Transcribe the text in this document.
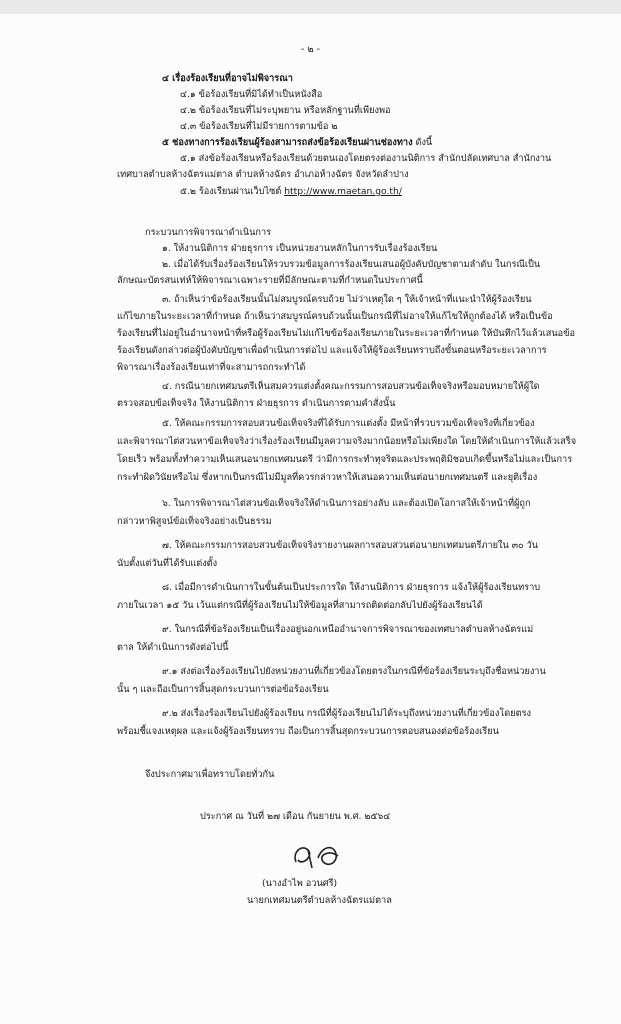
- ๒ -
๔ เรื่องร้องเรียนที่อาจไม่พิจารณา
๔.๑ ข้อร้องเรียนที่มิได้ทำเป็นหนังสือ
๔.๒ ข้อร้องเรียนที่ไม่ระบุพยาน หรือหลักฐานที่เพียงพอ
๔.๓ ข้อร้องเรียนที่ไม่มีรายการตามข้อ ๒
๕ ช่องทางการร้องเรียนผู้ร้องสามารถส่งข้อร้องเรียนผ่านช่องทาง ดังนี้
๕.๑ ส่งข้อร้องเรียนหรือร้องเรียนด้วยตนเองโดยตรงต่องานนิติการ สำนักปลัดเทศบาล สำนักงาน
เทศบาลตำบลห้างฉัตรแม่ตาล ตำบลห้างฉัตร อำเภอห้างฉัตร จังหวัดลำปาง
๕.๒ ร้องเรียนผ่านเว็บไซต์ http://www.maetan.go.th/
กระบวนการพิจารณาดำเนินการ
๑. ให้งานนิติการ ฝ่ายธุรการ เป็นหน่วยงานหลักในการรับเรื่องร้องเรียน
๒. เมื่อได้รับเรื่องร้องเรียนให้รวบรวมข้อมูลการร้องเรียนเสนอผู้บังคับบัญชาตามลำดับ ในกรณีเป็น
ลักษณะบัตรสนเท่ห์ให้พิจารณาเฉพาะรายที่มีลักษณะตามที่กำหนดในประกาศนี้
๓. ถ้าเห็นว่าข้อร้องเรียนนั้นไม่สมบูรณ์ครบถ้วย ไม่ว่าเหตุใด ๆ ให้เจ้าหน้าที่แนะนำให้ผู้ร้องเรียน
แก้ไขภายในระยะเวลาที่กำหนด ถ้าเห็นว่าสมบูรณ์ครบถ้วนนั้นเป็นกรณีที่ไม่อาจให้แก้ไขให้ถูกต้องได้ หรือเป็นข้อ
ร้องเรียนที่ไม่อยู่ในอำนาจหน้าที่หรือผู้ร้องเรียนไม่แก้ไขข้อร้องเรียนภายในระยะเวลาที่กำหนด ให้บันทึกไว้แล้วเสนอข้อ
ร้องเรียนดังกล่าวต่อผู้บังคับบัญชาเพื่อดำเนินการต่อไป และแจ้งให้ผู้ร้องเรียนทราบถึงขั้นตอนหรือระยะเวลาการ
พิจารณาเรื่องร้องเรียนเท่าที่จะสามารถกระทำได้
๔. กรณีนายกเทศมนตรีเห็นสมควรแต่งตั้งคณะกรรมการสอบสวนข้อเท็จจริงหรือมอบหมายให้ผู้ใด
ตรวจสอบข้อเท็จจริง ให้งานนิติการ ฝ่ายธุรการ ดำเนินการตามคำสั่งนั้น
๕. ให้คณะกรรมการสอบสวนข้อเท็จจริงที่ได้รับการแต่งตั้ง มีหน้าที่รวบรวมข้อเท็จจริงที่เกี่ยวข้อง
และพิจารณาไต่สวนหาข้อเท็จจริงว่าเรื่องร้องเรียนมีมูลความจริงมากน้อยหรือไม่เพียงใด โดยให้ดำเนินการให้แล้วเสร็จ
โดยเร็ว พร้อมทั้งทำความเห็นเสนอนายกเทศมนตรี ว่ามีการกระทำทุจริตและประพฤติมิชอบเกิดขึ้นหรือไม่และเป็นการ
กระทำผิดวินัยหรือไม่ ซึ่งหากเป็นกรณีไม่มีมูลที่ควรกล่าวหาให้เสนอความเห็นต่อนายกเทศมนตรี และยุติเรื่อง
๖. ในการพิจารณาไต่สวนข้อเท็จจริงให้ดำเนินการอย่างลับ และต้องเปิดโอกาสให้เจ้าหน้าที่ผู้ถูก
กล่าวหาพิสูจน์ข้อเท็จจริงอย่างเป็นธรรม
๗. ให้คณะกรรมการสอบสวนข้อเท็จจริงรายงานผลการสอบสวนต่อนายกเทศมนตรีภายใน ๓๐ วัน
นับตั้งแต่วันที่ได้รับแต่งตั้ง
๘. เมื่อมีการดำเนินการในขั้นต้นเป็นประการใด ให้งานนิติการ ฝ่ายธุรการ แจ้งให้ผู้ร้องเรียนทราบ
ภายในเวลา ๑๕ วัน เว้นแต่กรณีที่ผู้ร้องเรียนไม่ให้ข้อมูลที่สามารถติดต่อกลับไปยังผู้ร้องเรียนได้
๙. ในกรณีที่ข้อร้องเรียนเป็นเรื่องอยู่นอกเหนืออำนาจการพิจารณาของเทศบาลตำบลห้างฉัตรแม่
ตาล ให้ดำเนินการดังต่อไปนี้
๙.๑ ส่งต่อเรื่องร้องเรียนไปยังหน่วยงานที่เกี่ยวข้องโดยตรงในกรณีที่ข้อร้องเรียนระบุถึงชื่อหน่วยงาน
นั้น ๆ และถือเป็นการสิ้นสุดกระบวนการต่อข้อร้องเรียน
๙.๒ ส่งเรื่องร้องเรียนไปยังผู้ร้องเรียน กรณีที่ผู้ร้องเรียนไม่ได้ระบุถึงหน่วยงานที่เกี่ยวข้องโดยตรง
พร้อมชี้แจงเหตุผล และแจ้งผู้ร้องเรียนทราบ ถือเป็นการสิ้นสุดกระบวนการตอบสนองต่อข้อร้องเรียน
จึงประกาศมาเพื่อทราบโดยทั่วกัน
ประกาศ ณ วันที่ ๒๗ เดือน กันยายน พ.ศ. ๒๕๖๔
(นางอำไพ อวนศรี)
นายกเทศมนตรีตำบลห้างฉัตรแม่ตาล
